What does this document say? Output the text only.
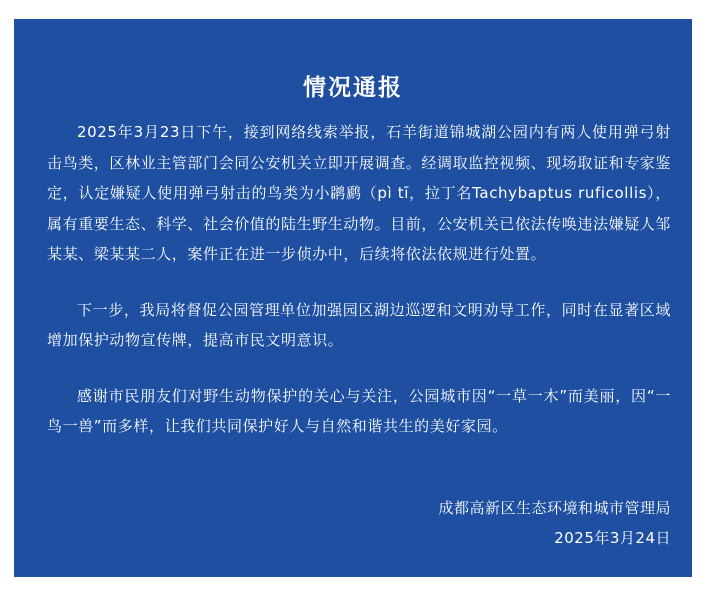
情况通报

2025年3月23日下午，接到网络线索举报，石羊街道锦城湖公园内有两人使用弹弓射击鸟类，区林业主管部门会同公安机关立即开展调查。经调取监控视频、现场取证和专家鉴定，认定嫌疑人使用弹弓射击的鸟类为小䴙䴘（pì tī，拉丁名Tachybaptus ruficollis），属有重要生态、科学、社会价值的陆生野生动物。目前，公安机关已依法传唤违法嫌疑人邹某某、梁某某二人，案件正在进一步侦办中，后续将依法依规进行处置。

下一步，我局将督促公园管理单位加强园区湖边巡逻和文明劝导工作，同时在显著区域增加保护动物宣传牌，提高市民文明意识。

感谢市民朋友们对野生动物保护的关心与关注，公园城市因“一草一木”而美丽，因“一鸟一兽”而多样，让我们共同保护好人与自然和谐共生的美好家园。

成都高新区生态环境和城市管理局
2025年3月24日
